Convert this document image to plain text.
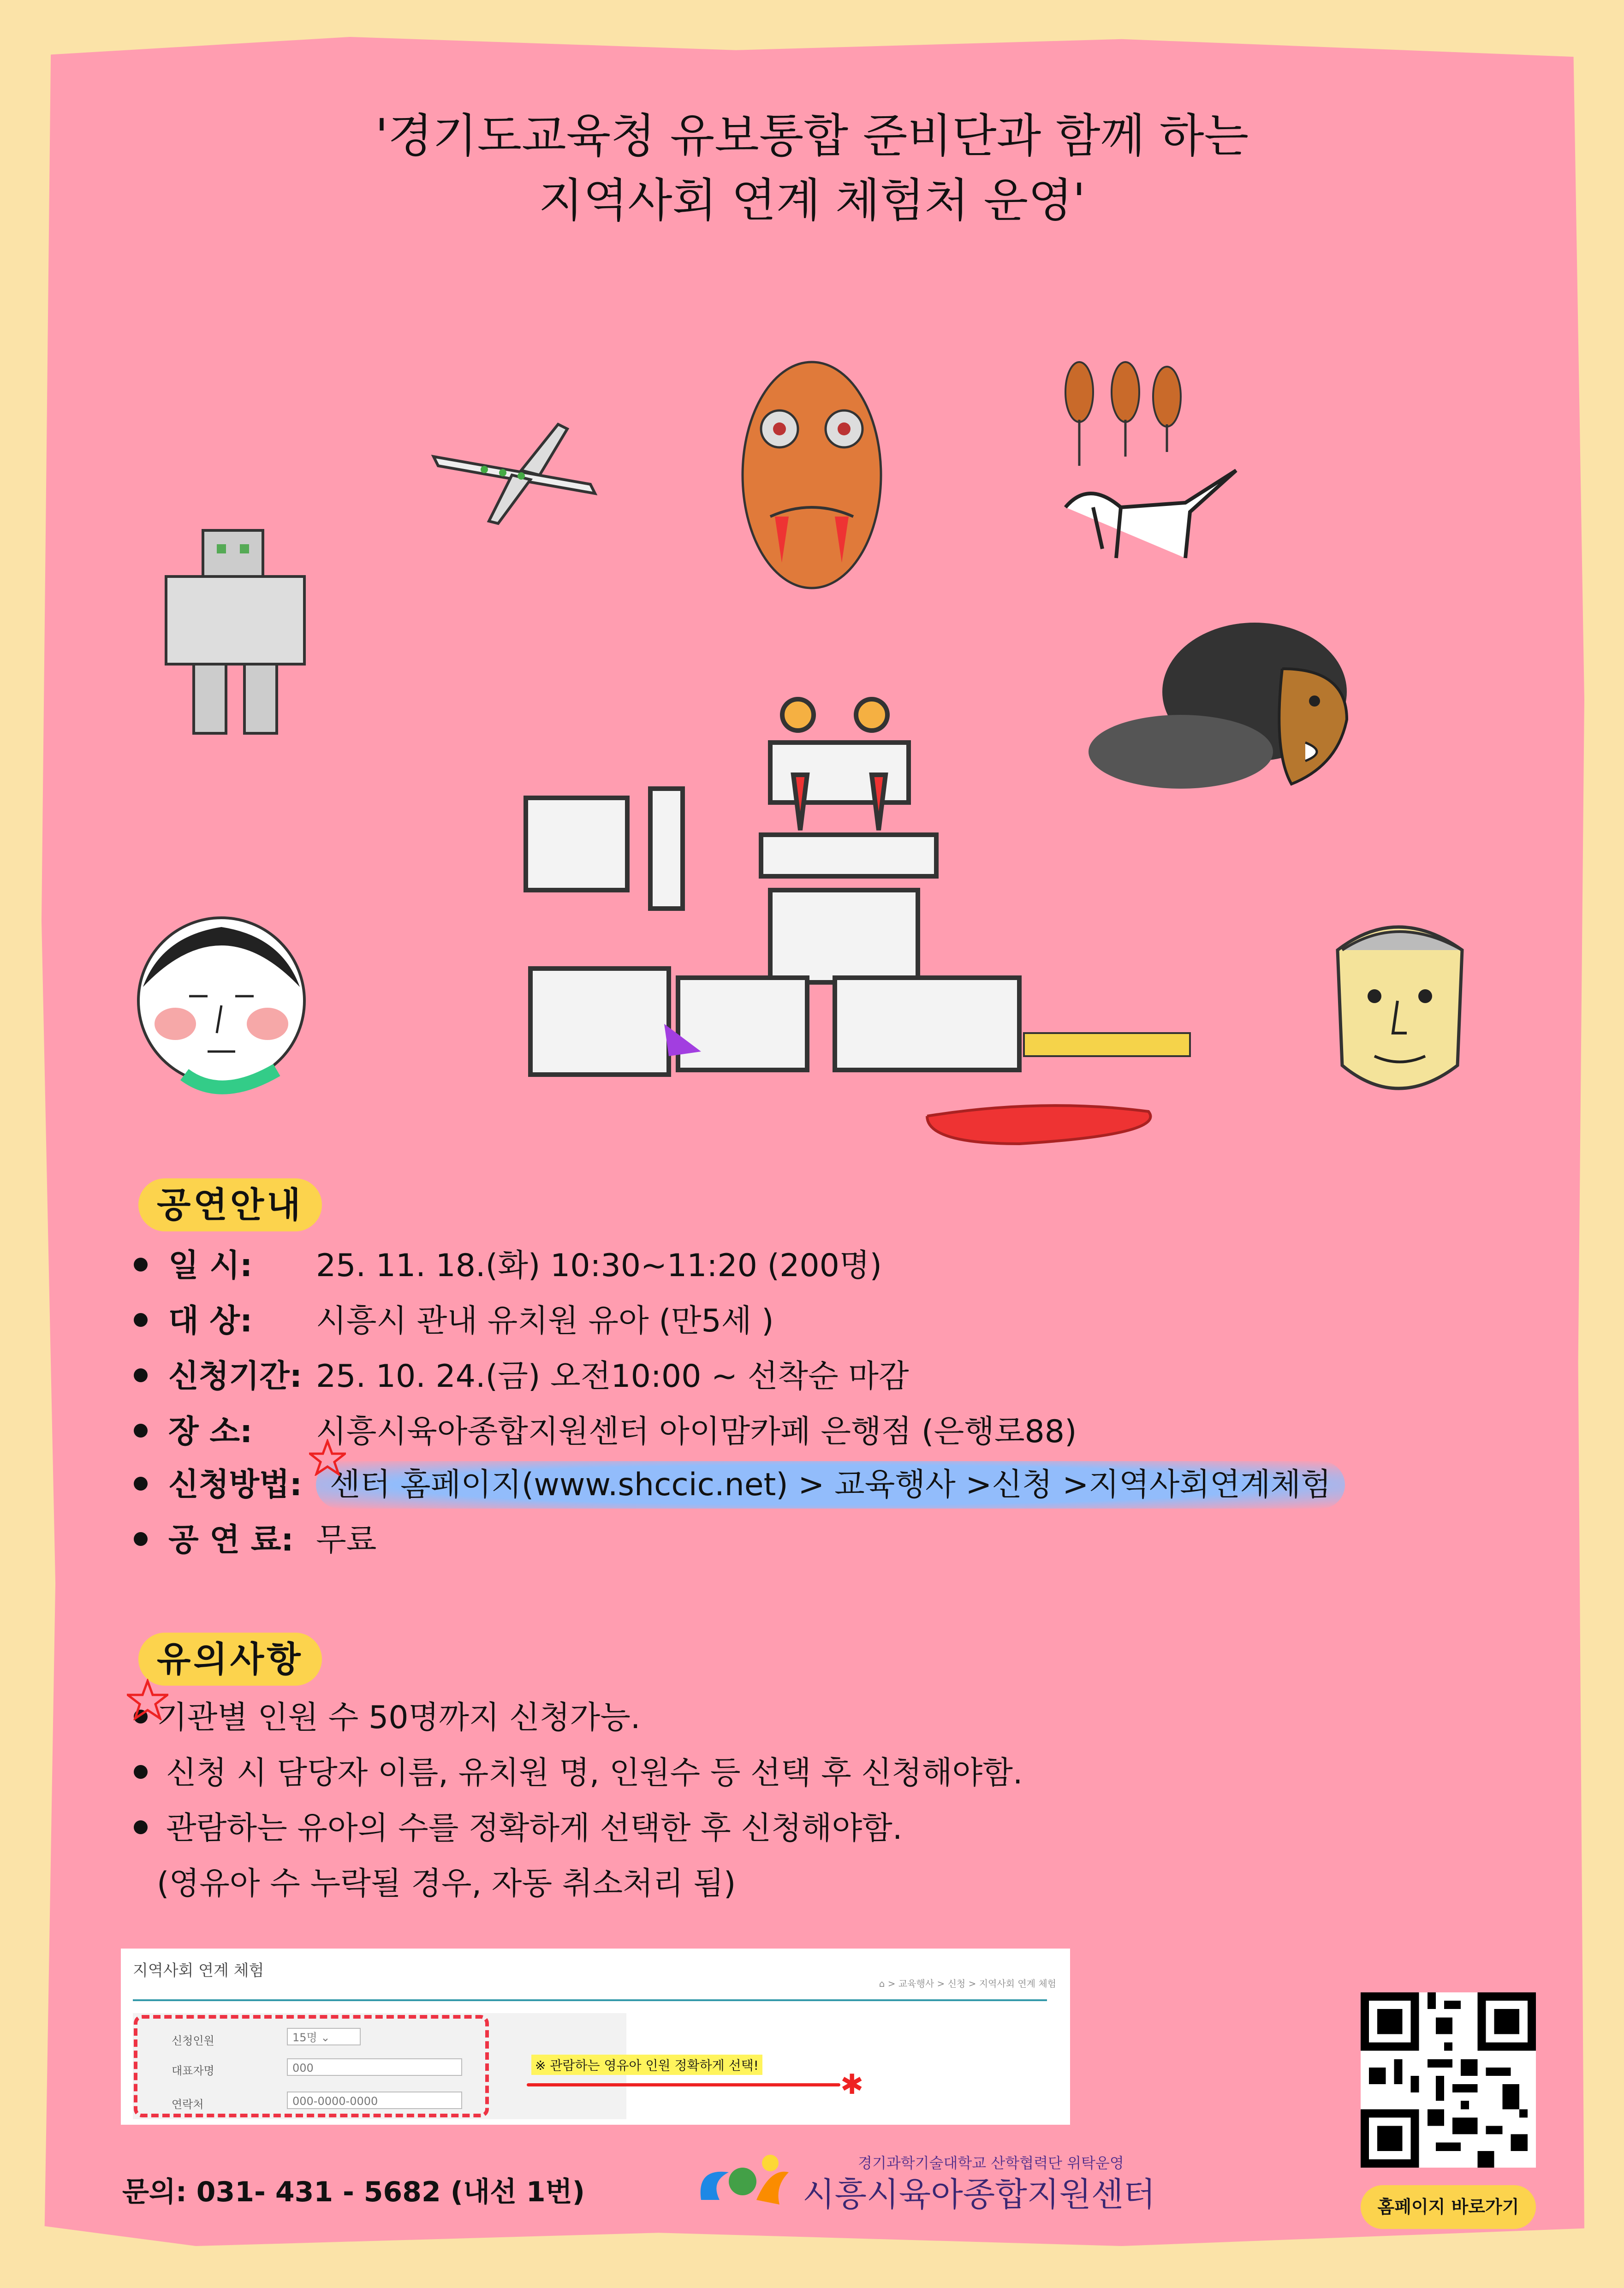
'경기도교육청 유보통합 준비단과 함께 하는
지역사회 연계 체험처 운영'
공연안내
일 시: 25. 11. 18.(화) 10:30~11:20 (200명)
대 상: 시흥시 관내 유치원 유아 (만5세 )
신청기간: 25. 10. 24.(금) 오전10:00 ~ 선착순 마감
장 소: 시흥시육아종합지원센터 아이맘카페 은행점 (은행로88)
신청방법: 센터 홈페이지(www.shccic.net) > 교육행사 >신청 >지역사회연계체험
공 연 료: 무료
유의사항
기관별 인원 수 50명까지 신청가능.
신청 시 담당자 이름, 유치원 명, 인원수 등 선택 후 신청해야함.
관람하는 유아의 수를 정확하게 선택한 후 신청해야함.
(영유아 수 누락될 경우, 자동 취소처리 됨)
지역사회 연계 체험
⌂ > 교육행사 > 신청 > 지역사회 연계 체험
신청인원	15명 ⌄
대표자명	000
연락처	000-0000-0000
※ 관람하는 영유아 인원 정확하게 선택!
✱
문의: 031- 431 - 5682 (내선 1번)
경기과학기술대학교 산학협력단 위탁운영
시흥시육아종합지원센터	홈페이지 바로가기
